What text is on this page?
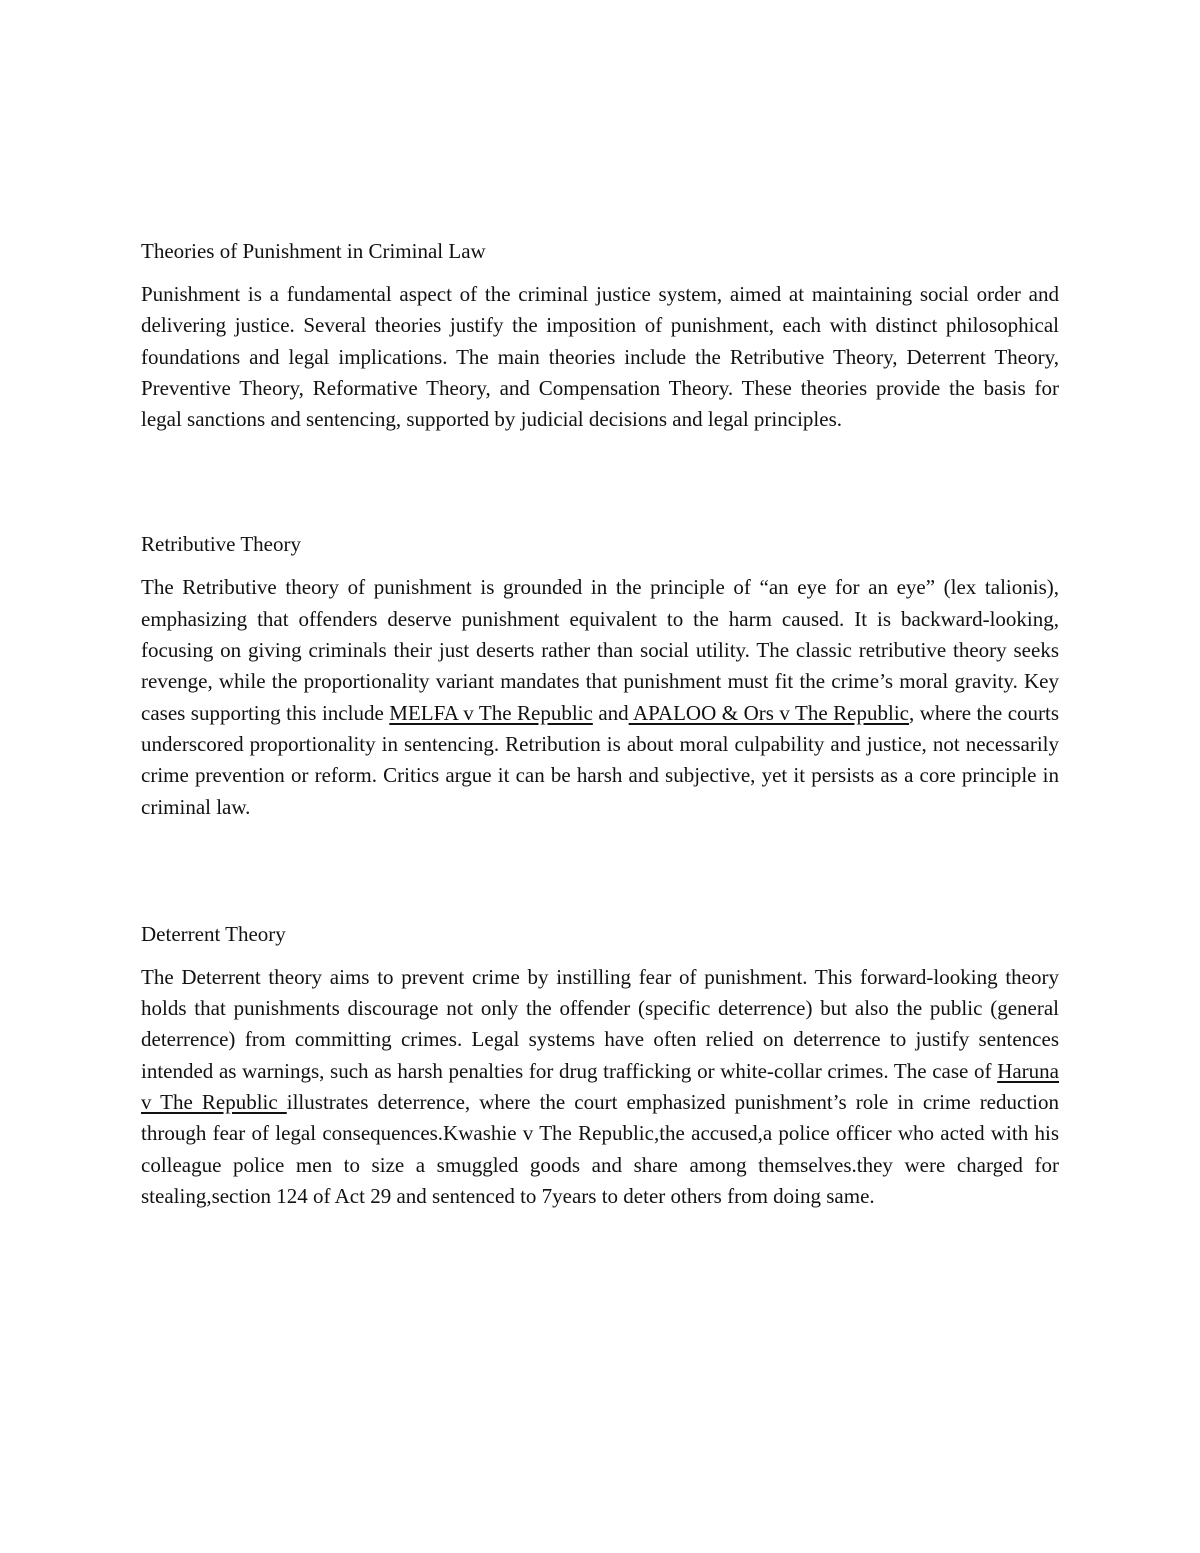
Theories of Punishment in Criminal Law

Punishment is a fundamental aspect of the criminal justice system, aimed at maintaining social order and delivering justice. Several theories justify the imposition of punishment, each with distinct philosophical foundations and legal implications. The main theories include the Retributive Theory, Deterrent Theory, Preventive Theory, Reformative Theory, and Compensation Theory. These theories provide the basis for legal sanctions and sentencing, supported by judicial decisions and legal principles.

Retributive Theory

The Retributive theory of punishment is grounded in the principle of “an eye for an eye” (lex talionis), emphasizing that offenders deserve punishment equivalent to the harm caused. It is backward-looking, focusing on giving criminals their just deserts rather than social utility. The classic retributive theory seeks revenge, while the proportionality variant mandates that punishment must fit the crime’s moral gravity. Key cases supporting this include MELFA v The Republic and APALOO & Ors v The Republic, where the courts underscored proportionality in sentencing. Retribution is about moral culpability and justice, not necessarily crime prevention or reform. Critics argue it can be harsh and subjective, yet it persists as a core principle in criminal law.

Deterrent Theory

The Deterrent theory aims to prevent crime by instilling fear of punishment. This forward-looking theory holds that punishments discourage not only the offender (specific deterrence) but also the public (general deterrence) from committing crimes. Legal systems have often relied on deterrence to justify sentences intended as warnings, such as harsh penalties for drug trafficking or white-collar crimes. The case of Haruna v The Republic illustrates deterrence, where the court emphasized punishment’s role in crime reduction through fear of legal consequences.Kwashie v The Republic,the accused,a police officer who acted with his colleague police men to size a smuggled goods and share among themselves.they were charged for stealing,section 124 of Act 29 and sentenced to 7years to deter others from doing same.
